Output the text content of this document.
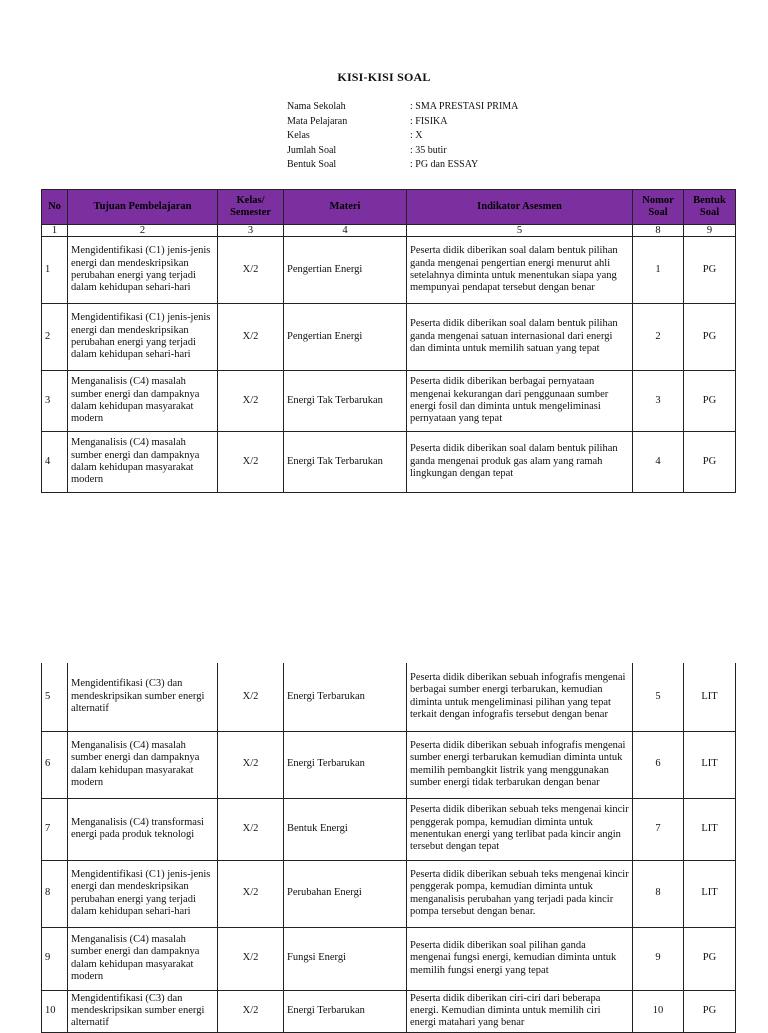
KISI-KISI SOAL
Nama Sekolah	: SMA PRESTASI PRIMA
Mata Pelajaran	: FISIKA
Kelas	: X
Jumlah Soal	: 35 butir
Bentuk Soal	: PG dan ESSAY
No	Tujuan Pembelajaran	Kelas/ Semester	Materi	Indikator Asesmen	Nomor Soal	Bentuk Soal
1	2	3	4	5	8	9
1	Mengidentifikasi (C1) jenis-jenis energi dan mendeskripsikan perubahan energi yang terjadi dalam kehidupan sehari-hari	X/2	Pengertian Energi	Peserta didik diberikan soal dalam bentuk pilihan ganda mengenai pengertian energi menurut ahli setelahnya diminta untuk menentukan siapa yang mempunyai pendapat tersebut dengan benar	1	PG
2	Mengidentifikasi (C1) jenis-jenis energi dan mendeskripsikan perubahan energi yang terjadi dalam kehidupan sehari-hari	X/2	Pengertian Energi	Peserta didik diberikan soal dalam bentuk pilihan ganda mengenai satuan internasional dari energi dan diminta untuk memilih satuan yang tepat	2	PG
3	Menganalisis (C4) masalah sumber energi dan dampaknya dalam kehidupan masyarakat modern	X/2	Energi Tak Terbarukan	Peserta didik diberikan berbagai pernyataan mengenai kekurangan dari penggunaan sumber energi fosil dan diminta untuk mengeliminasi pernyataan yang tepat	3	PG
4	Menganalisis (C4) masalah sumber energi dan dampaknya dalam kehidupan masyarakat modern	X/2	Energi Tak Terbarukan	Peserta didik diberikan soal dalam bentuk pilihan ganda mengenai produk gas alam yang ramah lingkungan dengan tepat	4	PG
5	Mengidentifikasi (C3) dan mendeskripsikan sumber energi alternatif	X/2	Energi Terbarukan	Peserta didik diberikan sebuah infografis mengenai berbagai sumber energi terbarukan, kemudian diminta untuk mengeliminasi pilihan yang tepat terkait dengan infografis tersebut dengan benar	5	LIT
6	Menganalisis (C4) masalah sumber energi dan dampaknya dalam kehidupan masyarakat modern	X/2	Energi Terbarukan	Peserta didik diberikan sebuah infografis mengenai sumber energi terbarukan kemudian diminta untuk memilih pembangkit listrik yang menggunakan sumber energi tidak terbarukan dengan benar	6	LIT
7	Menganalisis (C4) transformasi energi pada produk teknologi	X/2	Bentuk Energi	Peserta didik diberikan sebuah teks mengenai kincir penggerak pompa, kemudian diminta untuk menentukan energi yang terlibat pada kincir angin tersebut dengan tepat	7	LIT
8	Mengidentifikasi (C1) jenis-jenis energi dan mendeskripsikan perubahan energi yang terjadi dalam kehidupan sehari-hari	X/2	Perubahan Energi	Peserta didik diberikan sebuah teks mengenai kincir penggerak pompa, kemudian diminta untuk menganalisis perubahan yang terjadi pada kincir pompa tersebut dengan benar.	8	LIT
9	Menganalisis (C4) masalah sumber energi dan dampaknya dalam kehidupan masyarakat modern	X/2	Fungsi Energi	Peserta didik diberikan soal pilihan ganda mengenai fungsi energi, kemudian diminta untuk memilih fungsi energi yang tepat	9	PG
10	Mengidentifikasi (C3) dan mendeskripsikan sumber energi alternatif	X/2	Energi Terbarukan	Peserta didik diberikan ciri-ciri dari beberapa energi. Kemudian diminta untuk memilih ciri energi matahari yang benar	10	PG
